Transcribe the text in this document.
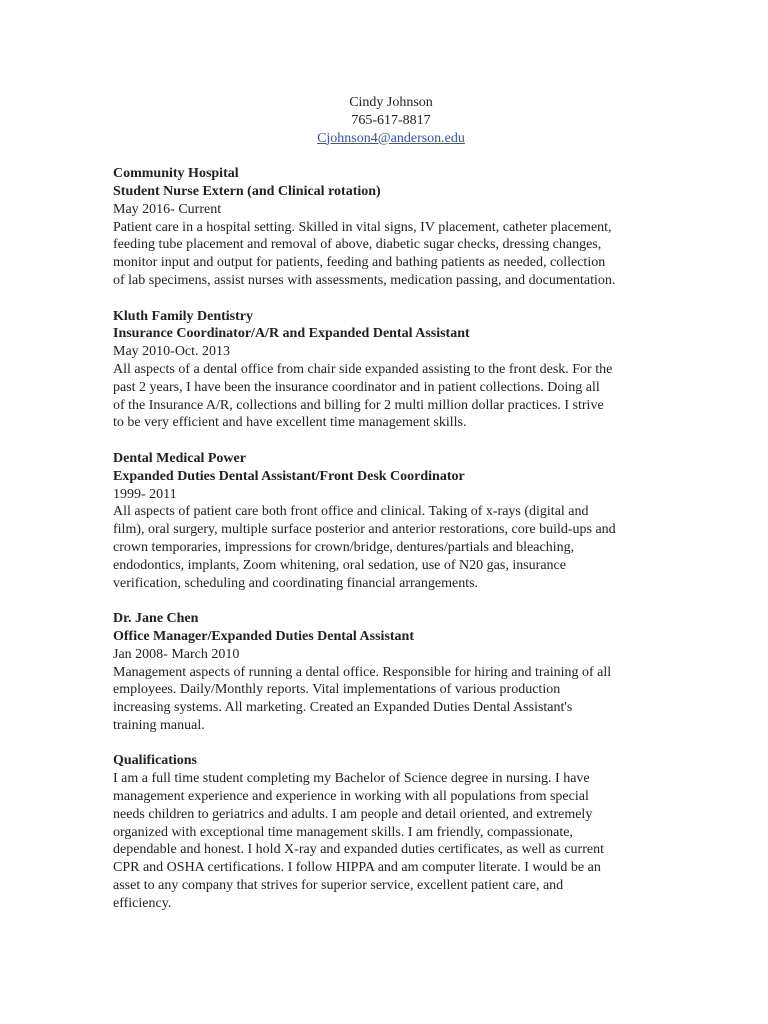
Cindy Johnson
765-617-8817
Cjohnson4@anderson.edu
Community Hospital
Student Nurse Extern (and Clinical rotation)
May 2016- Current

Patient care in a hospital setting. Skilled in vital signs, IV placement, catheter placement,
feeding tube placement and removal of above, diabetic sugar checks, dressing changes,
monitor input and output for patients, feeding and bathing patients as needed, collection
of lab specimens, assist nurses with assessments, medication passing, and documentation.

Kluth Family Dentistry
Insurance Coordinator/A/R and Expanded Dental Assistant
May 2010-Oct. 2013

All aspects of a dental office from chair side expanded assisting to the front desk. For the
past 2 years, I have been the insurance coordinator and in patient collections. Doing all
of the Insurance A/R, collections and billing for 2 multi million dollar practices. I strive
to be very efficient and have excellent time management skills.

Dental Medical Power
Expanded Duties Dental Assistant/Front Desk Coordinator
1999- 2011

All aspects of patient care both front office and clinical. Taking of x-rays (digital and
film), oral surgery, multiple surface posterior and anterior restorations, core build-ups and
crown temporaries, impressions for crown/bridge, dentures/partials and bleaching,
endodontics, implants, Zoom whitening, oral sedation, use of N20 gas, insurance
verification, scheduling and coordinating financial arrangements.

Dr. Jane Chen
Office Manager/Expanded Duties Dental Assistant
Jan 2008- March 2010

Management aspects of running a dental office. Responsible for hiring and training of all
employees. Daily/Monthly reports. Vital implementations of various production
increasing systems. All marketing. Created an Expanded Duties Dental Assistant's
training manual.

Qualifications

I am a full time student completing my Bachelor of Science degree in nursing. I have
management experience and experience in working with all populations from special
needs children to geriatrics and adults. I am people and detail oriented, and extremely
organized with exceptional time management skills. I am friendly, compassionate,
dependable and honest. I hold X-ray and expanded duties certificates, as well as current
CPR and OSHA certifications. I follow HIPPA and am computer literate. I would be an
asset to any company that strives for superior service, excellent patient care, and
efficiency.
